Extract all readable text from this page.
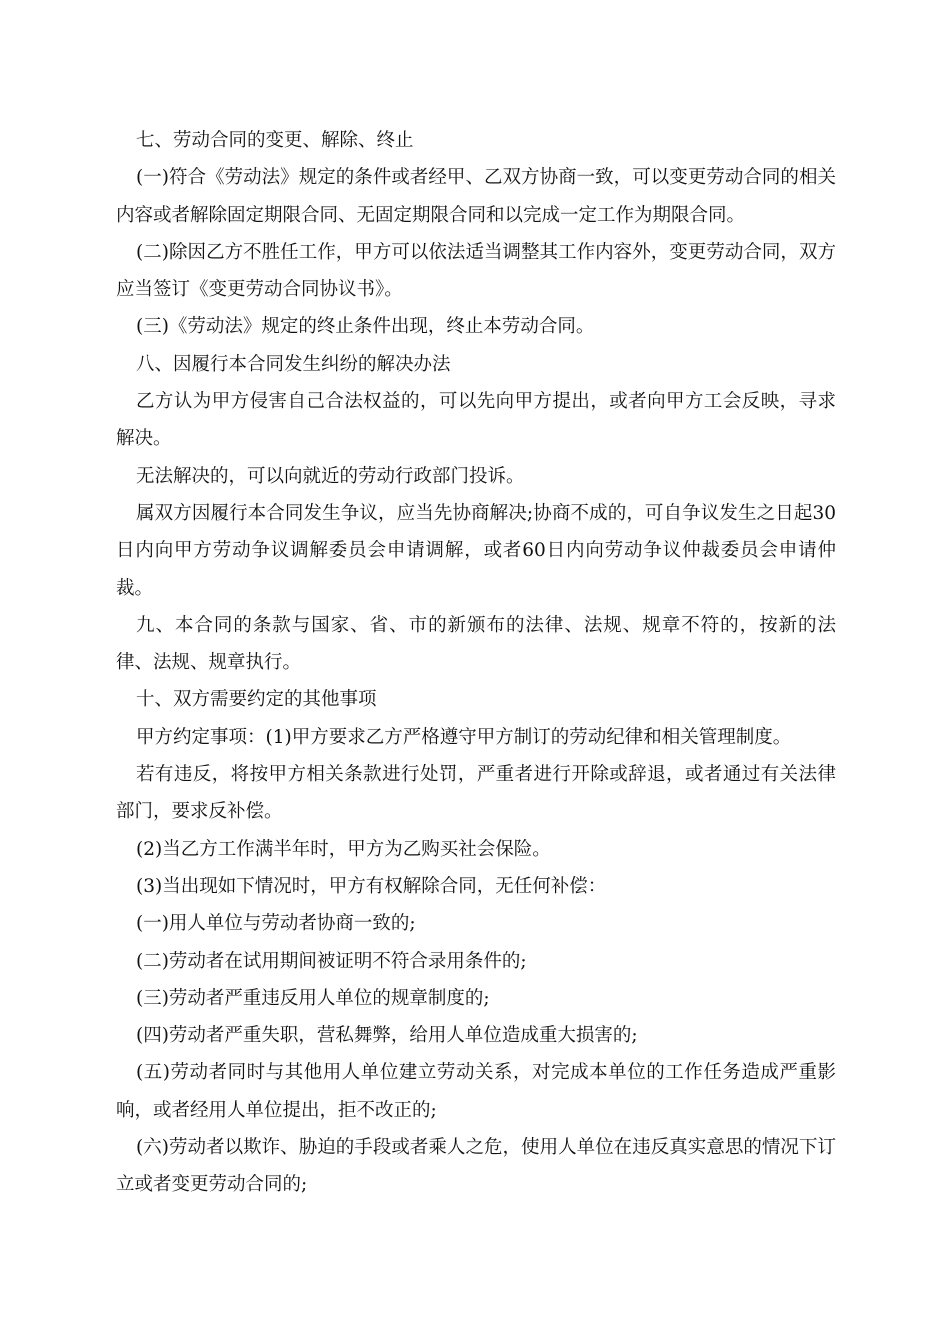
七、劳动合同的变更、解除、终止

(一)符合《劳动法》规定的条件或者经甲、乙双方协商一致，可以变更劳动合同的相关内容或者解除固定期限合同、无固定期限合同和以完成一定工作为期限合同。

(二)除因乙方不胜任工作，甲方可以依法适当调整其工作内容外，变更劳动合同，双方应当签订《变更劳动合同协议书》。

(三)《劳动法》规定的终止条件出现，终止本劳动合同。

八、因履行本合同发生纠纷的解决办法

乙方认为甲方侵害自己合法权益的，可以先向甲方提出，或者向甲方工会反映，寻求解决。

无法解决的，可以向就近的劳动行政部门投诉。

属双方因履行本合同发生争议，应当先协商解决;协商不成的，可自争议发生之日起30日内向甲方劳动争议调解委员会申请调解，或者60日内向劳动争议仲裁委员会申请仲裁。

九、本合同的条款与国家、省、市的新颁布的法律、法规、规章不符的，按新的法律、法规、规章执行。

十、双方需要约定的其他事项

甲方约定事项：(1)甲方要求乙方严格遵守甲方制订的劳动纪律和相关管理制度。

若有违反，将按甲方相关条款进行处罚，严重者进行开除或辞退，或者通过有关法律部门，要求反补偿。

(2)当乙方工作满半年时，甲方为乙购买社会保险。

(3)当出现如下情况时，甲方有权解除合同，无任何补偿：

(一)用人单位与劳动者协商一致的;

(二)劳动者在试用期间被证明不符合录用条件的;

(三)劳动者严重违反用人单位的规章制度的;

(四)劳动者严重失职，营私舞弊，给用人单位造成重大损害的;

(五)劳动者同时与其他用人单位建立劳动关系，对完成本单位的工作任务造成严重影响，或者经用人单位提出，拒不改正的;

(六)劳动者以欺诈、胁迫的手段或者乘人之危，使用人单位在违反真实意思的情况下订立或者变更劳动合同的;
